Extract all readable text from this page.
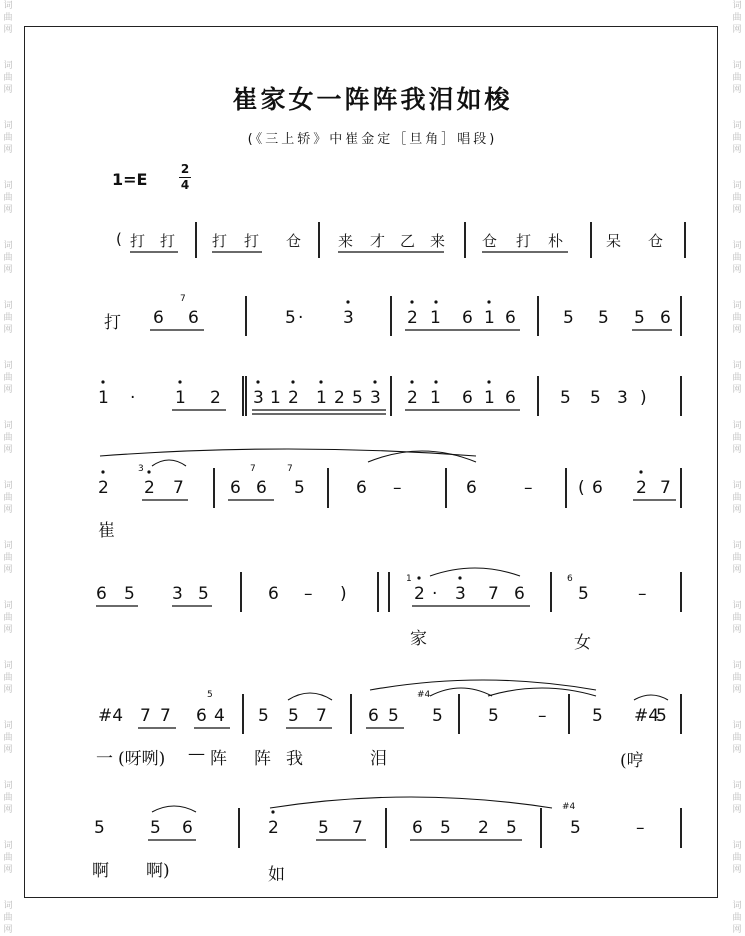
词
曲
网
词
曲
网
词
曲
网
词
曲
网
词
曲
网
词
曲
网
词
曲
网
词
曲
网
词
曲
网
词
曲
网
词
曲
网
词
曲
网
词
曲
网
词
曲
网
词
曲
网
词
曲
网
词
曲
网
词
曲
网
词
曲
网
词
曲
网
词
曲
网
词
曲
网
词
曲
网
词
曲
网
词
曲
网
词
曲
网
词
曲
网
词
曲
网
词
曲
网
词
曲
网
词
曲
网
词
曲
网
崔家女一阵阵我泪如梭
(《三上轿》中崔金定［旦角］唱段)
1=E
2
4
( 打 打 打 打 仓 来 才 乙 来 仓 打 朴	呆 仓
打 6 6	5 · 3	2 1 6 1 6	5 5 5 6
7
1 · 1 2 3 1 2 1 2 5 3 2 1 6 1 6	5 5 3 )
2 2 7	6 6 5	6 –	6	–	( 6 2 7
3	7	7
崔
6 5 3 5	6 – )	2 · 3 7 6	5	–
1	6
家	女
#4 7 7 6 4 5 5 7 6 5 5	5 –	5 #4
5
5	#4
一 (呀咧) — 阵 阵 我	泪	(哼
5	5 6	2 5 7	6 5 2 5	5	–
#4
啊 啊)	如
